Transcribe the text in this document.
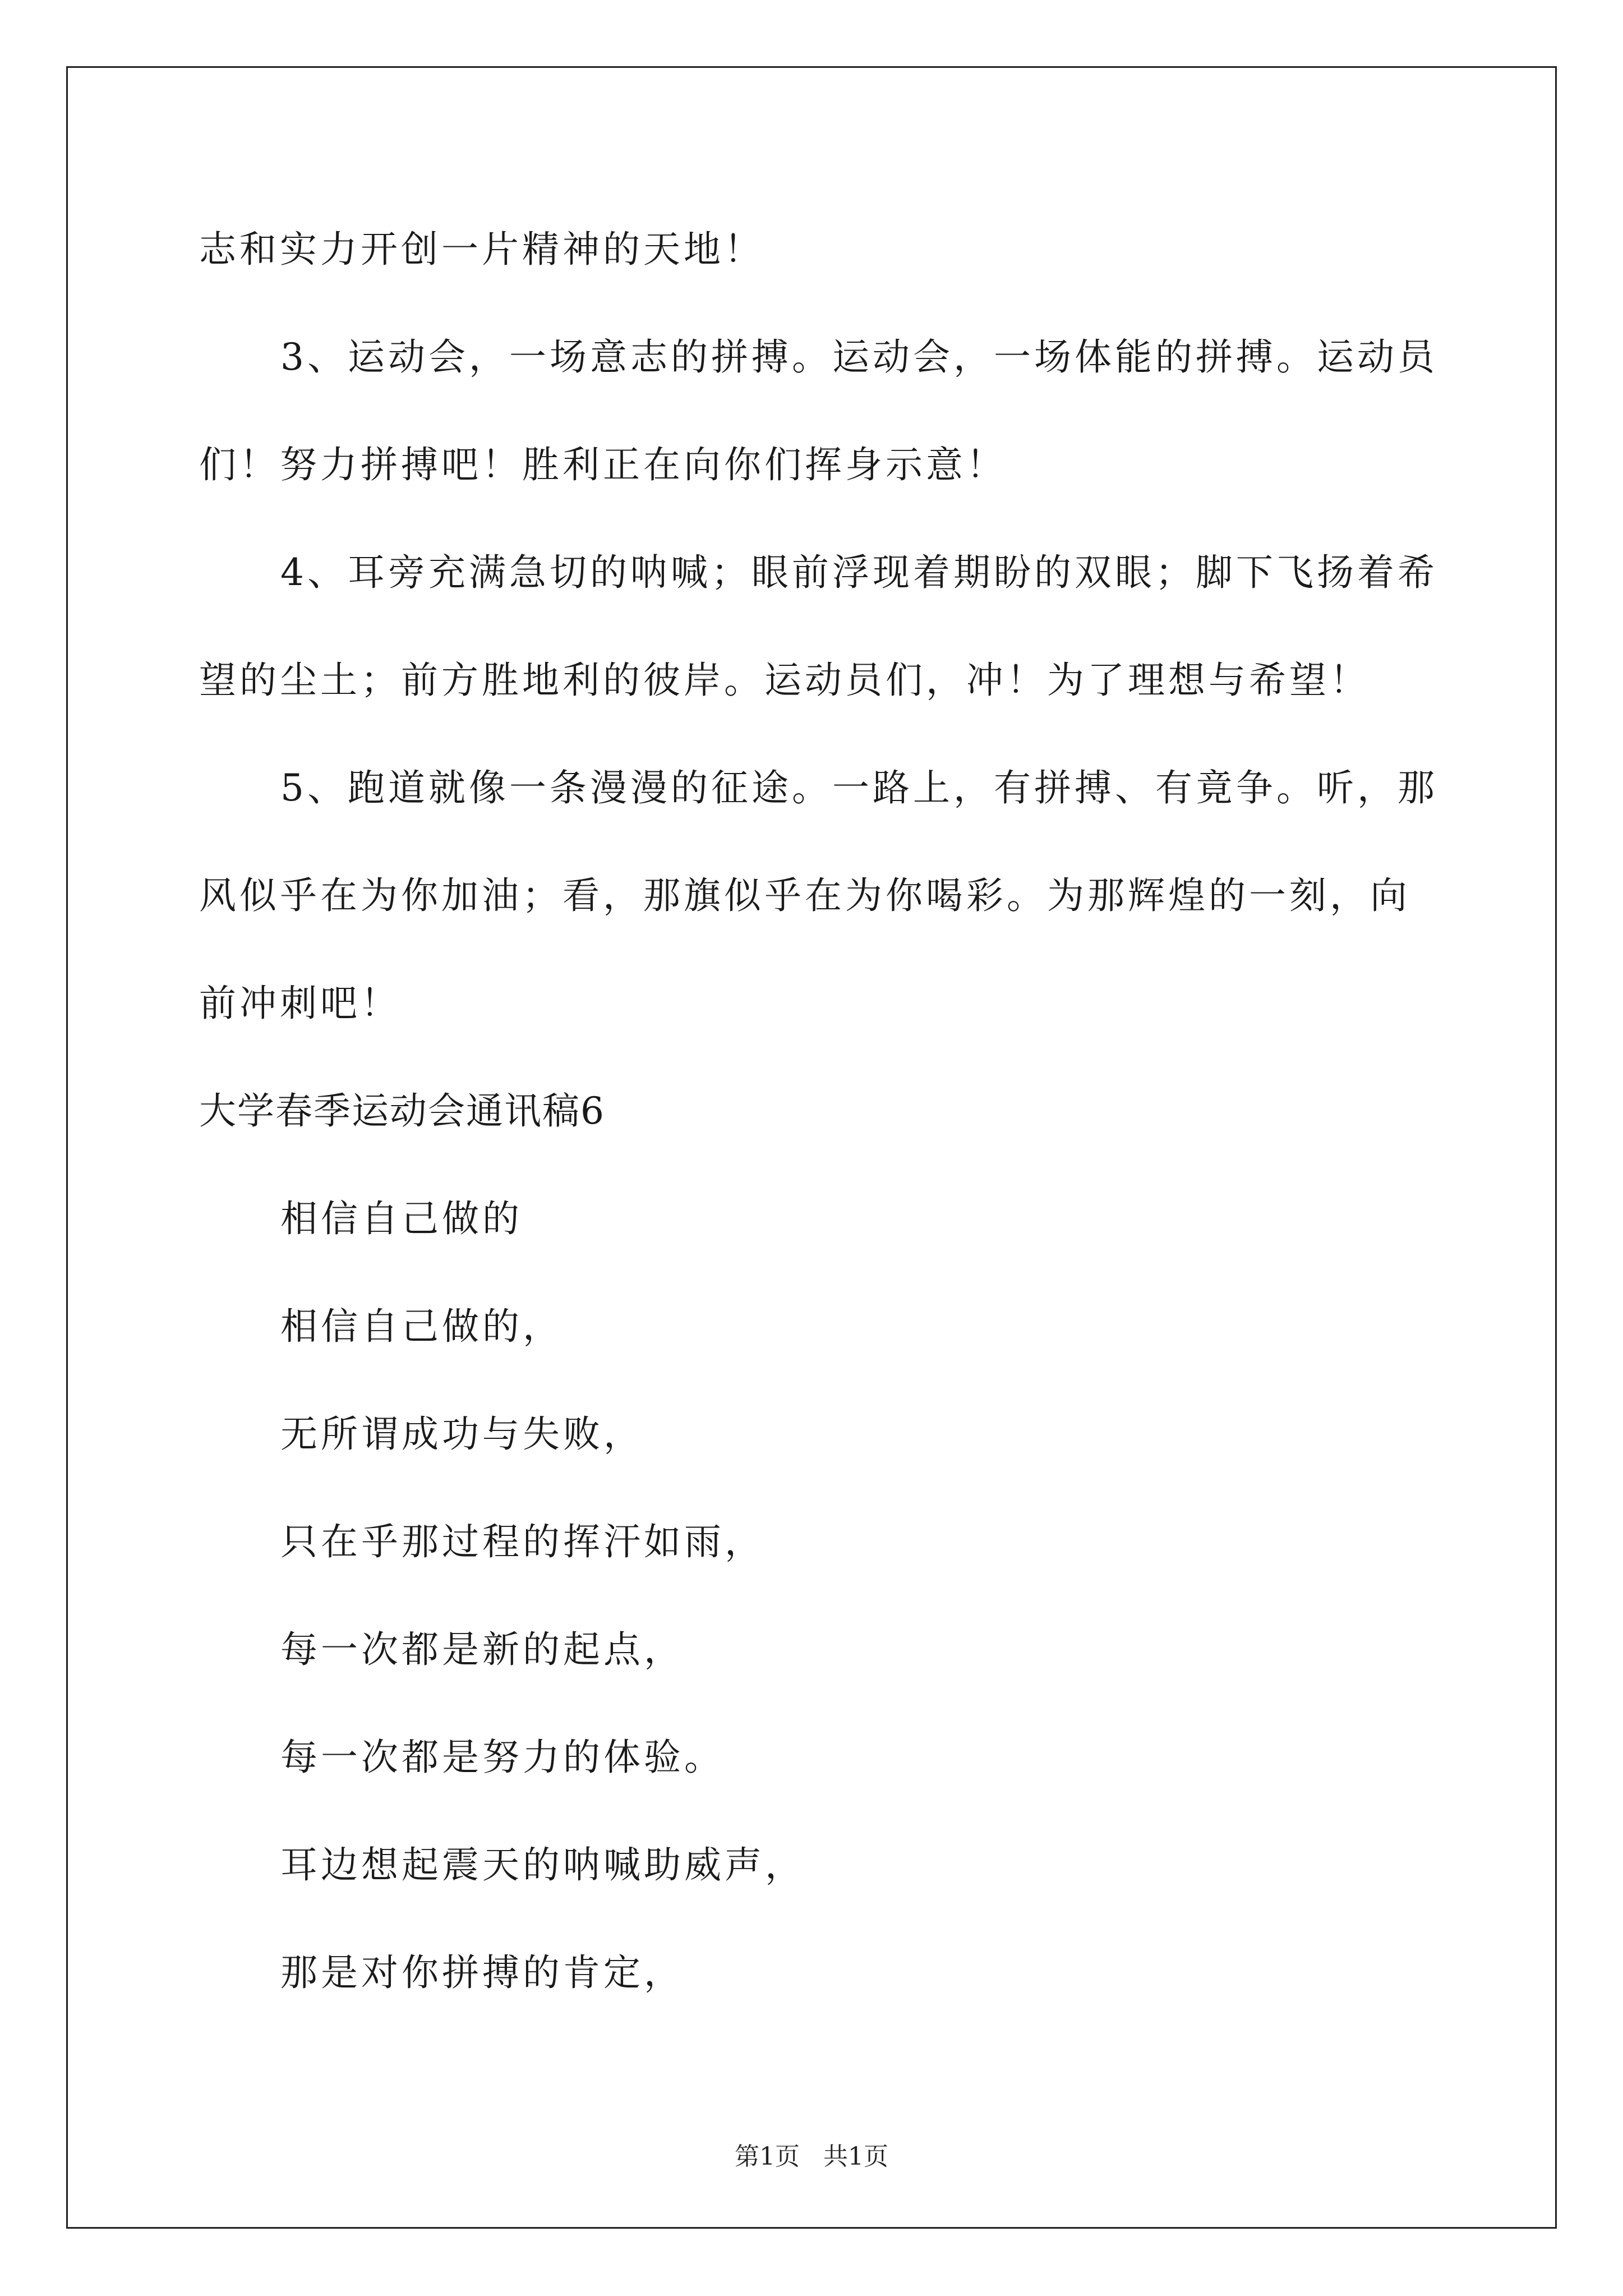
志和实力开创一片精神的天地！
3、运动会，一场意志的拼搏。运动会，一场体能的拼搏。运动员
们！努力拼搏吧！胜利正在向你们挥身示意！
4、耳旁充满急切的呐喊；眼前浮现着期盼的双眼；脚下飞扬着希
望的尘土；前方胜地利的彼岸。运动员们，冲！为了理想与希望！
5、跑道就像一条漫漫的征途。一路上，有拼搏、有竟争。听，那
风似乎在为你加油；看，那旗似乎在为你喝彩。为那辉煌的一刻，向
前冲刺吧！
大学春季运动会通讯稿6
相信自己做的
相信自己做的，
无所谓成功与失败，
只在乎那过程的挥汗如雨，
每一次都是新的起点，
每一次都是努力的体验。
耳边想起震天的呐喊助威声，
那是对你拼搏的肯定，
第1页 共1页
